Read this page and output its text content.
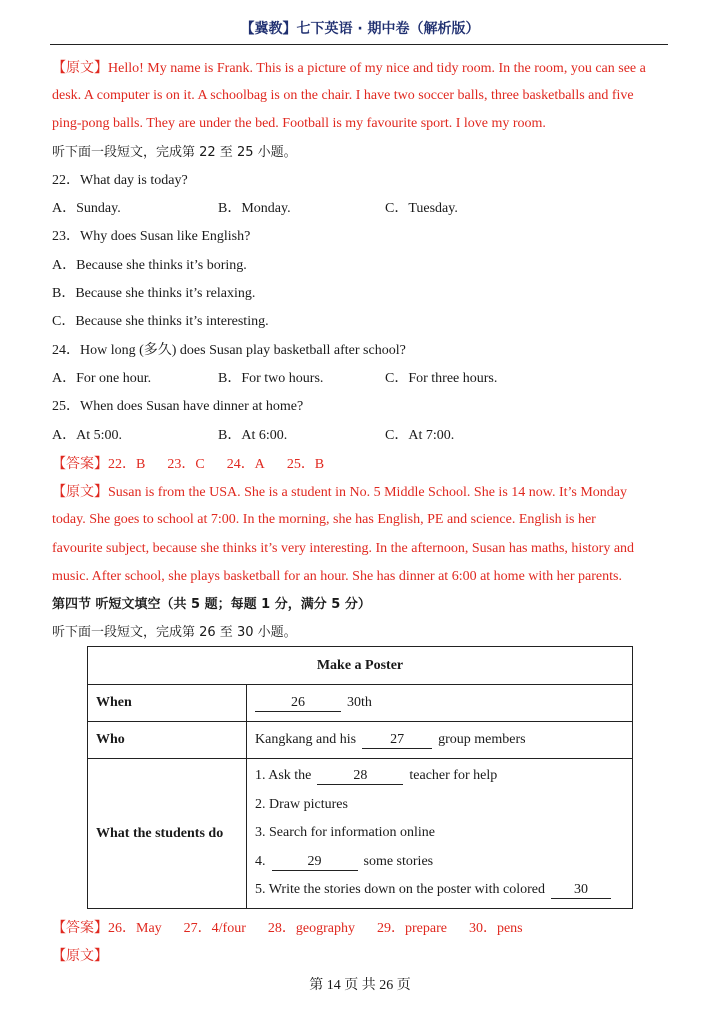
【冀教】七下英语 · 期中卷（解析版）
【原文】Hello! My name is Frank. This is a picture of my nice and tidy room. In the room, you can see a
desk. A computer is on it. A schoolbag is on the chair. I have two soccer balls, three basketballs and five
ping-pong balls. They are under the bed. Football is my favourite sport. I love my room.
听下面一段短文，完成第 22 至 25 小题。
22．What day is today?
A．Sunday.	B．Monday.	C．Tuesday.
23．Why does Susan like English?
A．Because she thinks it’s boring.
B．Because she thinks it’s relaxing.
C．Because she thinks it’s interesting.
24．How long (多久) does Susan play basketball after school?
A．For one hour.	B．For two hours.	C．For three hours.
25．When does Susan have dinner at home?
A．At 5:00.	B．At 6:00.	C．At 7:00.
【答案】22．B 23．C 24．A 25．B
【原文】Susan is from the USA. She is a student in No. 5 Middle School. She is 14 now. It’s Monday
today. She goes to school at 7:00. In the morning, she has English, PE and science. English is her
favourite subject, because she thinks it’s very interesting. In the afternoon, Susan has maths, history and
music. After school, she plays basketball for an hour. She has dinner at 6:00 at home with her parents.
第四节 听短文填空（共 5 题；每题 1 分，满分 5 分）
听下面一段短文，完成第 26 至 30 小题。
Make a Poster	
When	26 30th
Who	Kangkang and his 27 group members
What the students do	1. Ask the 28 teacher for help
2. Draw pictures
3. Search for information online
4. 29 some stories
5. Write the stories down on the poster with colored 30
【答案】26．May 27．4/four 28．geography 29．prepare 30．pens
【原文】
第 14 页 共 26 页
